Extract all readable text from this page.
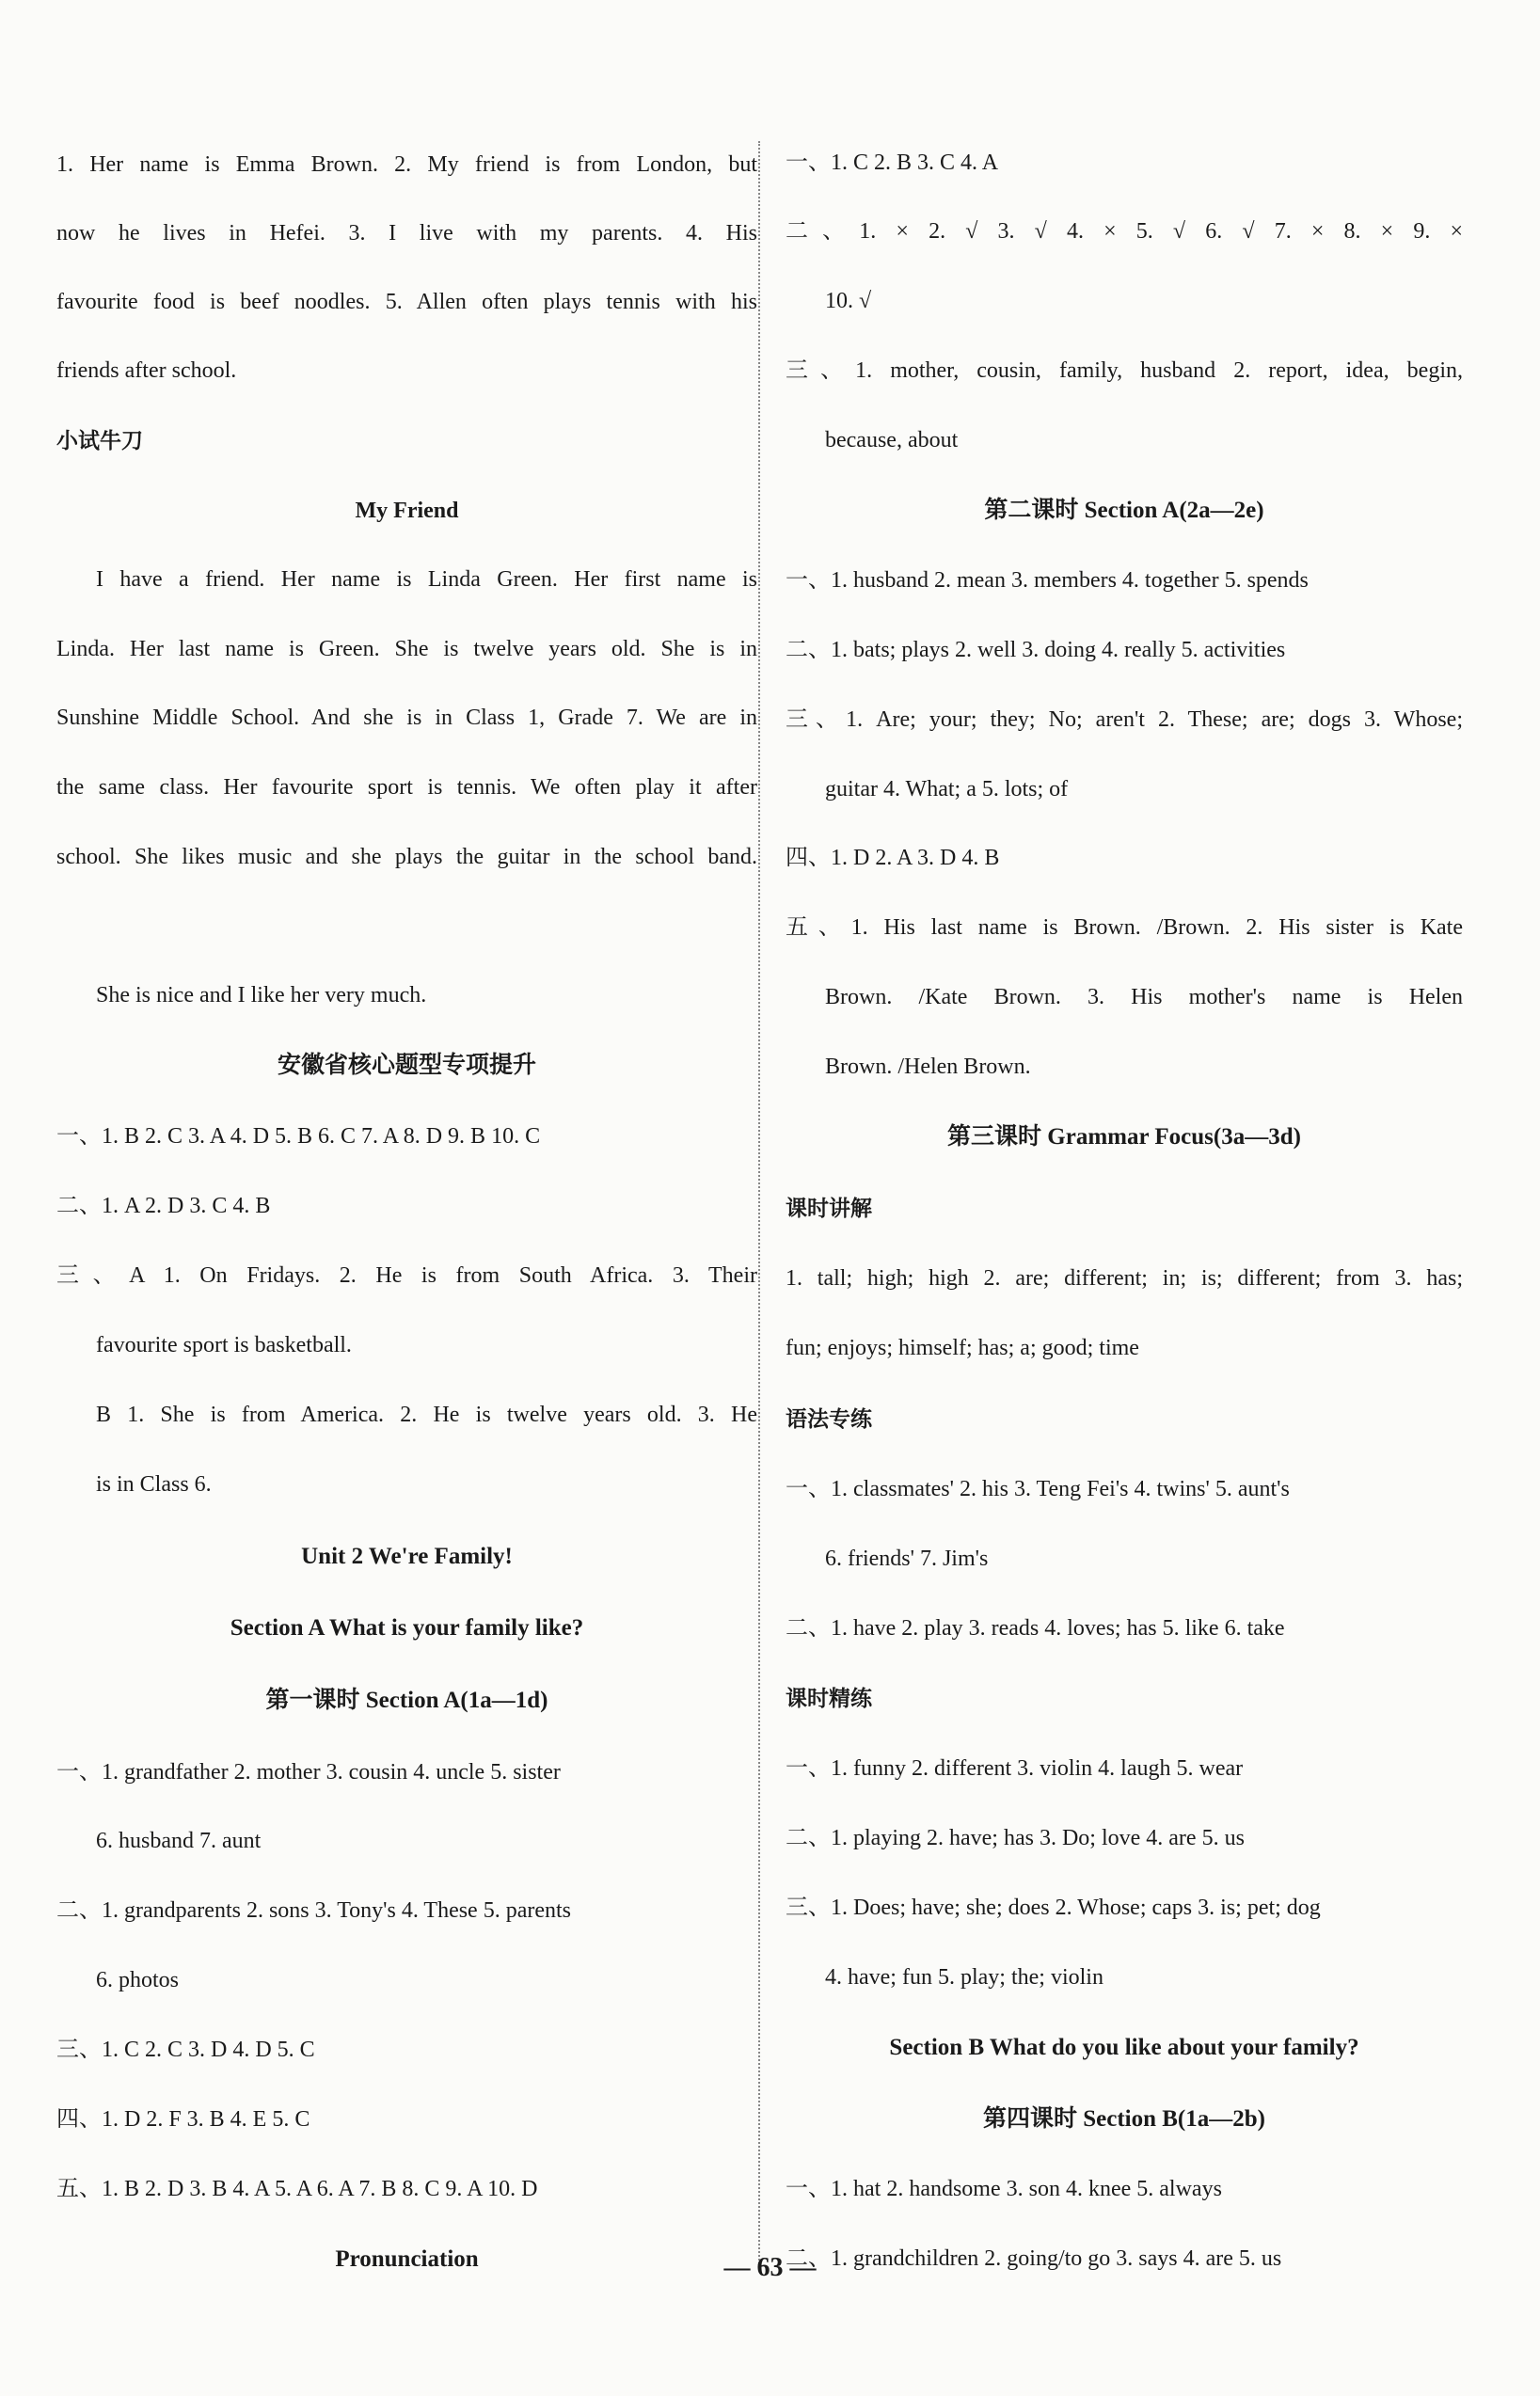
1. Her name is Emma Brown. 2. My friend is from London, but
now he lives in Hefei. 3. I live with my parents. 4. His
favourite food is beef noodles. 5. Allen often plays tennis with his
friends after school.
小试牛刀
My Friend
I have a friend. Her name is Linda Green. Her first name is
Linda. Her last name is Green. She is twelve years old. She is in
Sunshine Middle School. And she is in Class 1, Grade 7. We are in
the same class. Her favourite sport is tennis. We often play it after
school. She likes music and she plays the guitar in the school band.
She is nice and I like her very much.
安徽省核心题型专项提升
一、1. B 2. C 3. A 4. D 5. B 6. C 7. A 8. D 9. B 10. C
二、1. A 2. D 3. C 4. B
三、A 1. On Fridays. 2. He is from South Africa. 3. Their
favourite sport is basketball.
B 1. She is from America. 2. He is twelve years old. 3. He
is in Class 6.
Unit 2 We're Family!
Section A What is your family like?
第一课时 Section A(1a—1d)
一、1. grandfather 2. mother 3. cousin 4. uncle 5. sister
6. husband 7. aunt
二、1. grandparents 2. sons 3. Tony's 4. These 5. parents
6. photos
三、1. C 2. C 3. D 4. D 5. C
四、1. D 2. F 3. B 4. E 5. C
五、1. B 2. D 3. B 4. A 5. A 6. A 7. B 8. C 9. A 10. D
Pronunciation
一、1. C 2. B 3. C 4. A
二、1. × 2. √ 3. √ 4. × 5. √ 6. √ 7. × 8. × 9. ×
10. √
三、1. mother, cousin, family, husband 2. report, idea, begin,
because, about
第二课时 Section A(2a—2e)
一、1. husband 2. mean 3. members 4. together 5. spends
二、1. bats; plays 2. well 3. doing 4. really 5. activities
三、1. Are; your; they; No; aren't 2. These; are; dogs 3. Whose;
guitar 4. What; a 5. lots; of
四、1. D 2. A 3. D 4. B
五、1. His last name is Brown. /Brown. 2. His sister is Kate
Brown. /Kate Brown. 3. His mother's name is Helen
Brown. /Helen Brown.
第三课时 Grammar Focus(3a—3d)
课时讲解
1. tall; high; high 2. are; different; in; is; different; from 3. has;
fun; enjoys; himself; has; a; good; time
语法专练
一、1. classmates' 2. his 3. Teng Fei's 4. twins' 5. aunt's
6. friends' 7. Jim's
二、1. have 2. play 3. reads 4. loves; has 5. like 6. take
课时精练
一、1. funny 2. different 3. violin 4. laugh 5. wear
二、1. playing 2. have; has 3. Do; love 4. are 5. us
三、1. Does; have; she; does 2. Whose; caps 3. is; pet; dog
4. have; fun 5. play; the; violin
Section B What do you like about your family?
第四课时 Section B(1a—2b)
一、1. hat 2. handsome 3. son 4. knee 5. always
二、1. grandchildren 2. going/to go 3. says 4. are 5. us
— 63 —
